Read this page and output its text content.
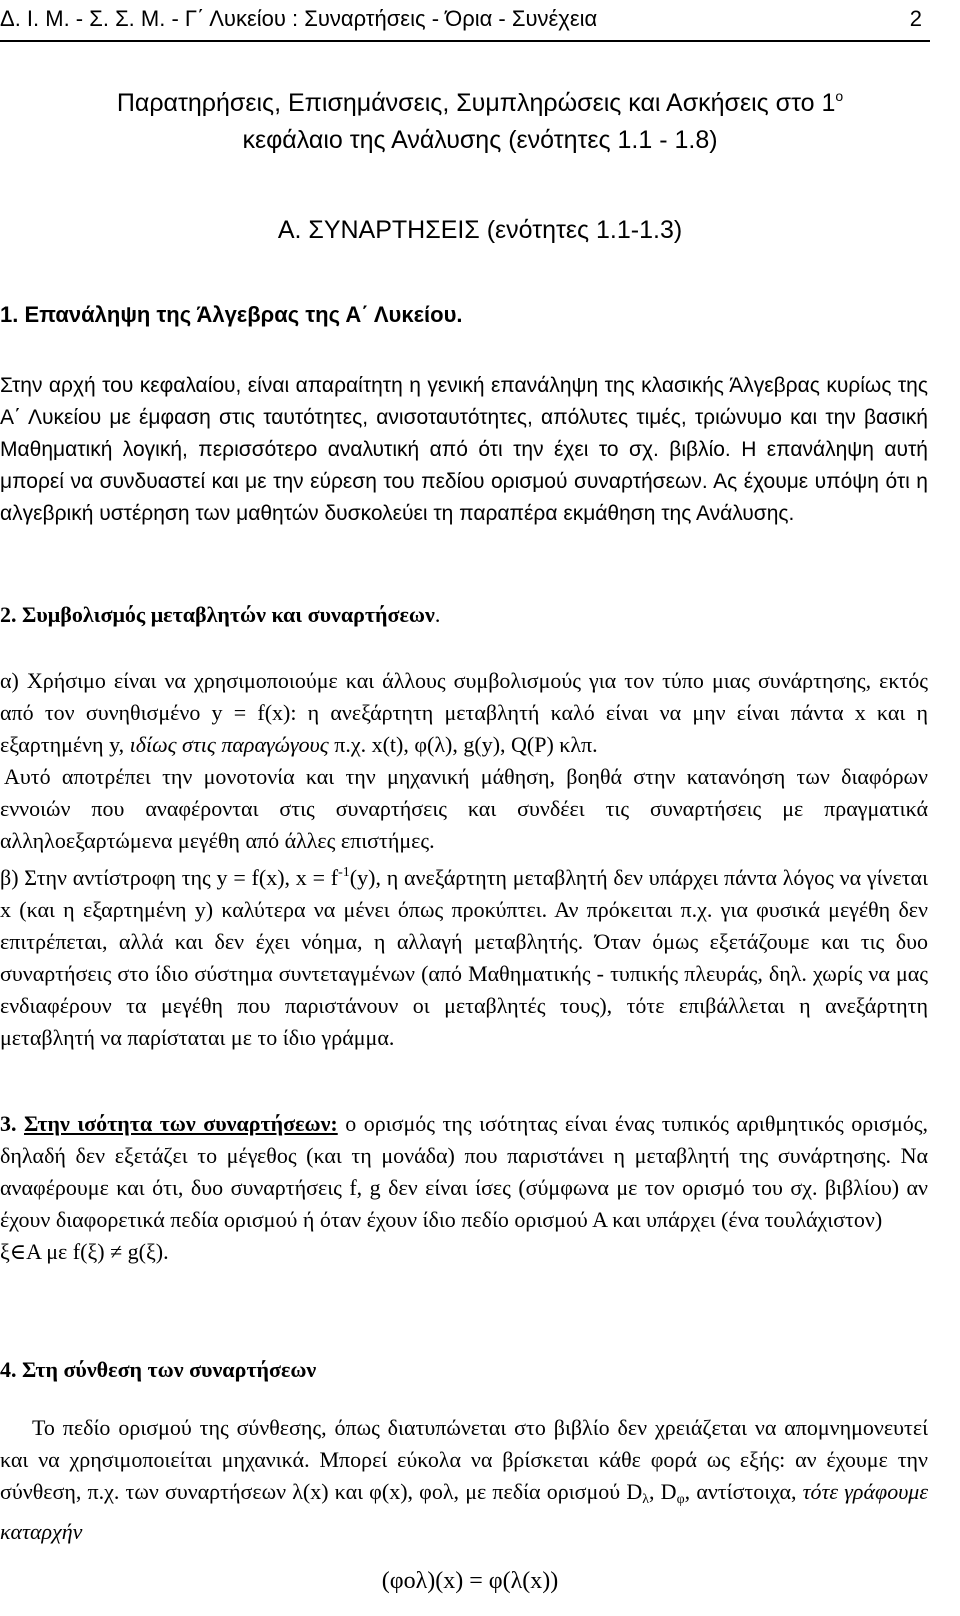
Δ. Ι. Μ. - Σ. Σ. Μ. - Γ΄ Λυκείου : Συναρτήσεις - Όρια - Συνέχεια	2
Παρατηρήσεις, Επισημάνσεις, Συμπληρώσεις και Ασκήσεις στο $1^o$
κεφάλαιο της Ανάλυσης (ενότητες 1.1 - 1.8)
Α. ΣΥΝΑΡΤΗΣΕΙΣ (ενότητες 1.1-1.3)
1. Επανάληψη της Άλγεβρας της Α΄ Λυκείου.

Στην αρχή του κεφαλαίου, είναι απαραίτητη η γενική επανάληψη της κλασικής Άλγεβρας κυρίως της Α΄ Λυκείου με έμφαση στις ταυτότητες, ανισοταυτότητες, απόλυτες τιμές, τριώνυμο και την βασική Μαθηματική λογική, περισσότερο αναλυτική από ότι την έχει το σχ. βιβλίο. Η επανάληψη αυτή μπορεί να συνδυαστεί και με την εύρεση του πεδίου ορισμού συναρτήσεων. Ας έχουμε υπόψη ότι η αλγεβρική υστέρηση των μαθητών δυσκολεύει τη παραπέρα εκμάθηση της Ανάλυσης.

2. Συμβολισμός μεταβλητών και συναρτήσεων.

α) Χρήσιμο είναι να χρησιμοποιούμε και άλλους συμβολισμούς για τον τύπο μιας συνάρτησης, εκτός από τον συνηθισμένο y = f(x): η ανεξάρτητη μεταβλητή καλό είναι να μην είναι πάντα x και η εξαρτημένη y, ιδίως στις παραγώγους π.χ. x(t), φ(λ), g(y), Q(P) κλπ.

Αυτό αποτρέπει την μονοτονία και την μηχανική μάθηση, βοηθά στην κατανόηση των διαφόρων εννοιών που αναφέρονται στις συναρτήσεις και συνδέει τις συναρτήσεις με πραγματικά αλληλοεξαρτώμενα μεγέθη από άλλες επιστήμες.

β) Στην αντίστροφη της y = f(x), $x = f^{-1}(y)$, η ανεξάρτητη μεταβλητή δεν υπάρχει πάντα λόγος να γίνεται x (και η εξαρτημένη y) καλύτερα να μένει όπως προκύπτει. Αν πρόκειται π.χ. για φυσικά μεγέθη δεν επιτρέπεται, αλλά και δεν έχει νόημα, η αλλαγή μεταβλητής. Όταν όμως εξετάζουμε και τις δυο συναρτήσεις στο ίδιο σύστημα συντεταγμένων (από Μαθηματικής - τυπικής πλευράς, δηλ. χωρίς να μας ενδιαφέρουν τα μεγέθη που παριστάνουν οι μεταβλητές τους), τότε επιβάλλεται η ανεξάρτητη μεταβλητή να παρίσταται με το ίδιο γράμμα.

3. Στην ισότητα των συναρτήσεων: ο ορισμός της ισότητας είναι ένας τυπικός αριθμητικός ορισμός, δηλαδή δεν εξετάζει το μέγεθος (και τη μονάδα) που παριστάνει η μεταβλητή της συνάρτησης. Να αναφέρουμε και ότι, δυο συναρτήσεις f, g δεν είναι ίσες (σύμφωνα με τον ορισμό του σχ. βιβλίου) αν έχουν διαφορετικά πεδία ορισμού ή όταν έχουν ίδιο πεδίο ορισμού Α και υπάρχει (ένα τουλάχιστον)

ξ∈Α με f(ξ) ≠ g(ξ).

4. Στη σύνθεση των συναρτήσεων

Το πεδίο ορισμού της σύνθεσης, όπως διατυπώνεται στο βιβλίο δεν χρειάζεται να απομνημονευτεί και να χρησιμοποιείται μηχανικά. Μπορεί εύκολα να βρίσκεται κάθε φορά ως εξής: αν έχουμε την σύνθεση, π.χ. των συναρτήσεων λ(x) και φ(x), φολ, με πεδία ορισμού $D_\lambda$, $D_\varphi$, αντίστοιχα, τότε γράφουμε καταρχήν

(φολ)(x) = φ(λ(x))
